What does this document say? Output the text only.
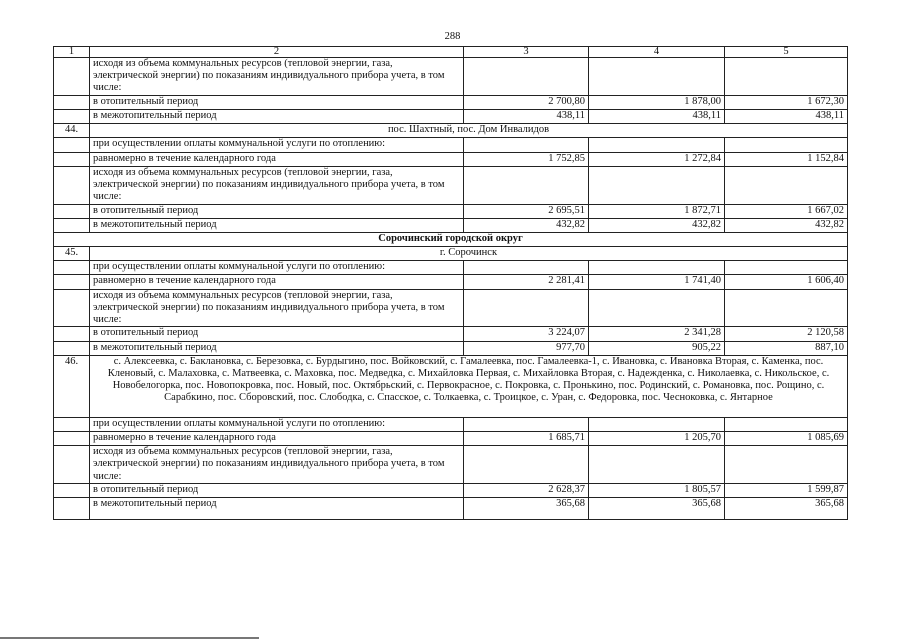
288
1	2	3	4	5
	исходя из объема коммунальных ресурсов (тепловой энергии, газа, электрической энергии) по показаниям индивидуального прибора учета, в том числе:			
	в отопительный период	2 700,80	1 878,00	1 672,30
	в межотопительный период	438,11	438,11	438,11
44.	пос. Шахтный, пос. Дом Инвалидов			
	при осуществлении оплаты коммунальной услуги по отоплению:			
	равномерно в течение календарного года	1 752,85	1 272,84	1 152,84
	исходя из объема коммунальных ресурсов (тепловой энергии, газа, электрической энергии) по показаниям индивидуального прибора учета, в том числе:			
	в отопительный период	2 695,51	1 872,71	1 667,02
	в межотопительный период	432,82	432,82	432,82
Сорочинский городской округ				
45.	г. Сорочинск			
	при осуществлении оплаты коммунальной услуги по отоплению:			
	равномерно в течение календарного года	2 281,41	1 741,40	1 606,40
	исходя из объема коммунальных ресурсов (тепловой энергии, газа, электрической энергии) по показаниям индивидуального прибора учета, в том числе:			
	в отопительный период	3 224,07	2 341,28	2 120,58
	в межотопительный период	977,70	905,22	887,10
46.	с. Алексеевка, с. Баклановка, с. Березовка, с. Бурдыгино, пос. Войковский, с. Гамалеевка, пос. Гамалеевка-1, с. Ивановка, с. Ивановка Вторая, с. Каменка, пос. Кленовый, с. Малаховка, с. Матвеевка, с. Маховка, пос. Медведка, с. Михайловка Первая, с. Михайловка Вторая, с. Надежденка, с. Николаевка, с. Никольское, с. Новобелогорка, пос. Новопокровка, пос. Новый, пос. Октябрьский, с. Первокрасное, с. Покровка, с. Пронькино, пос. Родинский, с. Романовка, пос. Рощино, с. Сарабкино, пос. Сборовский, пос. Слободка, с. Спасское, с. Толкаевка, с. Троицкое, с. Уран, с. Федоровка, пос. Чесноковка, с. Янтарное			
	при осуществлении оплаты коммунальной услуги по отоплению:			
	равномерно в течение календарного года	1 685,71	1 205,70	1 085,69
	исходя из объема коммунальных ресурсов (тепловой энергии, газа, электрической энергии) по показаниям индивидуального прибора учета, в том числе:			
	в отопительный период	2 628,37	1 805,57	1 599,87
	в межотопительный период	365,68	365,68	365,68
